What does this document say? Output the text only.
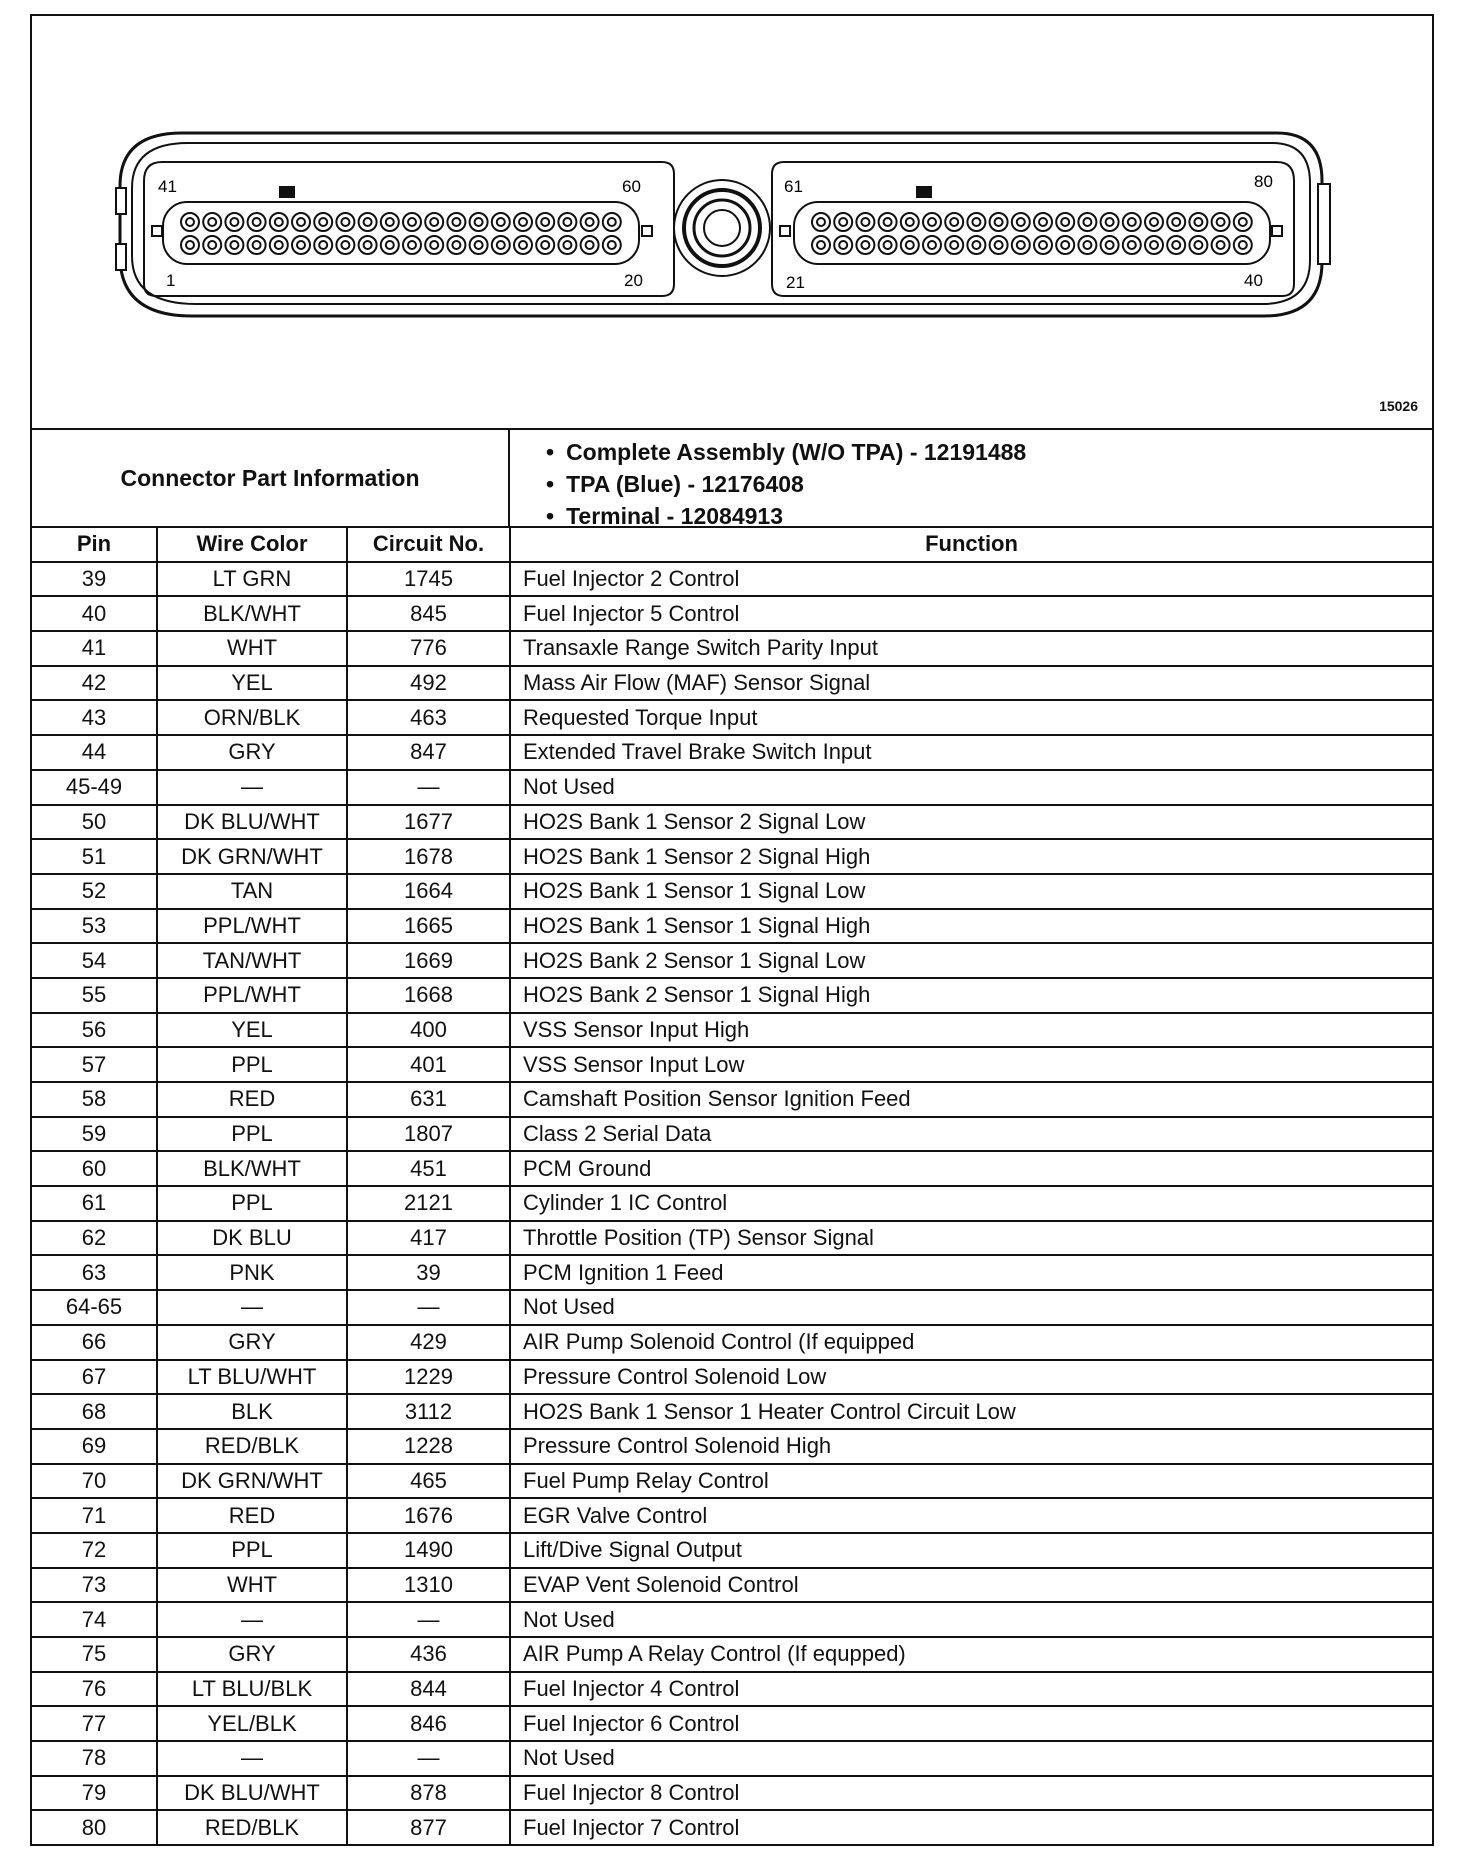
41	60
1	20
61	80
21	40
15026
Connector Part Information
• Complete Assembly (W/O TPA) - 12191488
• TPA (Blue) - 12176408
• Terminal - 12084913
Pin	Wire Color	Circuit No.	Function
39	LT GRN	1745	Fuel Injector 2 Control
40	BLK/WHT	845	Fuel Injector 5 Control
41	WHT	776	Transaxle Range Switch Parity Input
42	YEL	492	Mass Air Flow (MAF) Sensor Signal
43	ORN/BLK	463	Requested Torque Input
44	GRY	847	Extended Travel Brake Switch Input
45-49	—	—	Not Used
50	DK BLU/WHT	1677	HO2S Bank 1 Sensor 2 Signal Low
51	DK GRN/WHT	1678	HO2S Bank 1 Sensor 2 Signal High
52	TAN	1664	HO2S Bank 1 Sensor 1 Signal Low
53	PPL/WHT	1665	HO2S Bank 1 Sensor 1 Signal High
54	TAN/WHT	1669	HO2S Bank 2 Sensor 1 Signal Low
55	PPL/WHT	1668	HO2S Bank 2 Sensor 1 Signal High
56	YEL	400	VSS Sensor Input High
57	PPL	401	VSS Sensor Input Low
58	RED	631	Camshaft Position Sensor Ignition Feed
59	PPL	1807	Class 2 Serial Data
60	BLK/WHT	451	PCM Ground
61	PPL	2121	Cylinder 1 IC Control
62	DK BLU	417	Throttle Position (TP) Sensor Signal
63	PNK	39	PCM Ignition 1 Feed
64-65	—	—	Not Used
66	GRY	429	AIR Pump Solenoid Control (If equipped
67	LT BLU/WHT	1229	Pressure Control Solenoid Low
68	BLK	3112	HO2S Bank 1 Sensor 1 Heater Control Circuit Low
69	RED/BLK	1228	Pressure Control Solenoid High
70	DK GRN/WHT	465	Fuel Pump Relay Control
71	RED	1676	EGR Valve Control
72	PPL	1490	Lift/Dive Signal Output
73	WHT	1310	EVAP Vent Solenoid Control
74	—	—	Not Used
75	GRY	436	AIR Pump A Relay Control (If equpped)
76	LT BLU/BLK	844	Fuel Injector 4 Control
77	YEL/BLK	846	Fuel Injector 6 Control
78	—	—	Not Used
79	DK BLU/WHT	878	Fuel Injector 8 Control
80	RED/BLK	877	Fuel Injector 7 Control
